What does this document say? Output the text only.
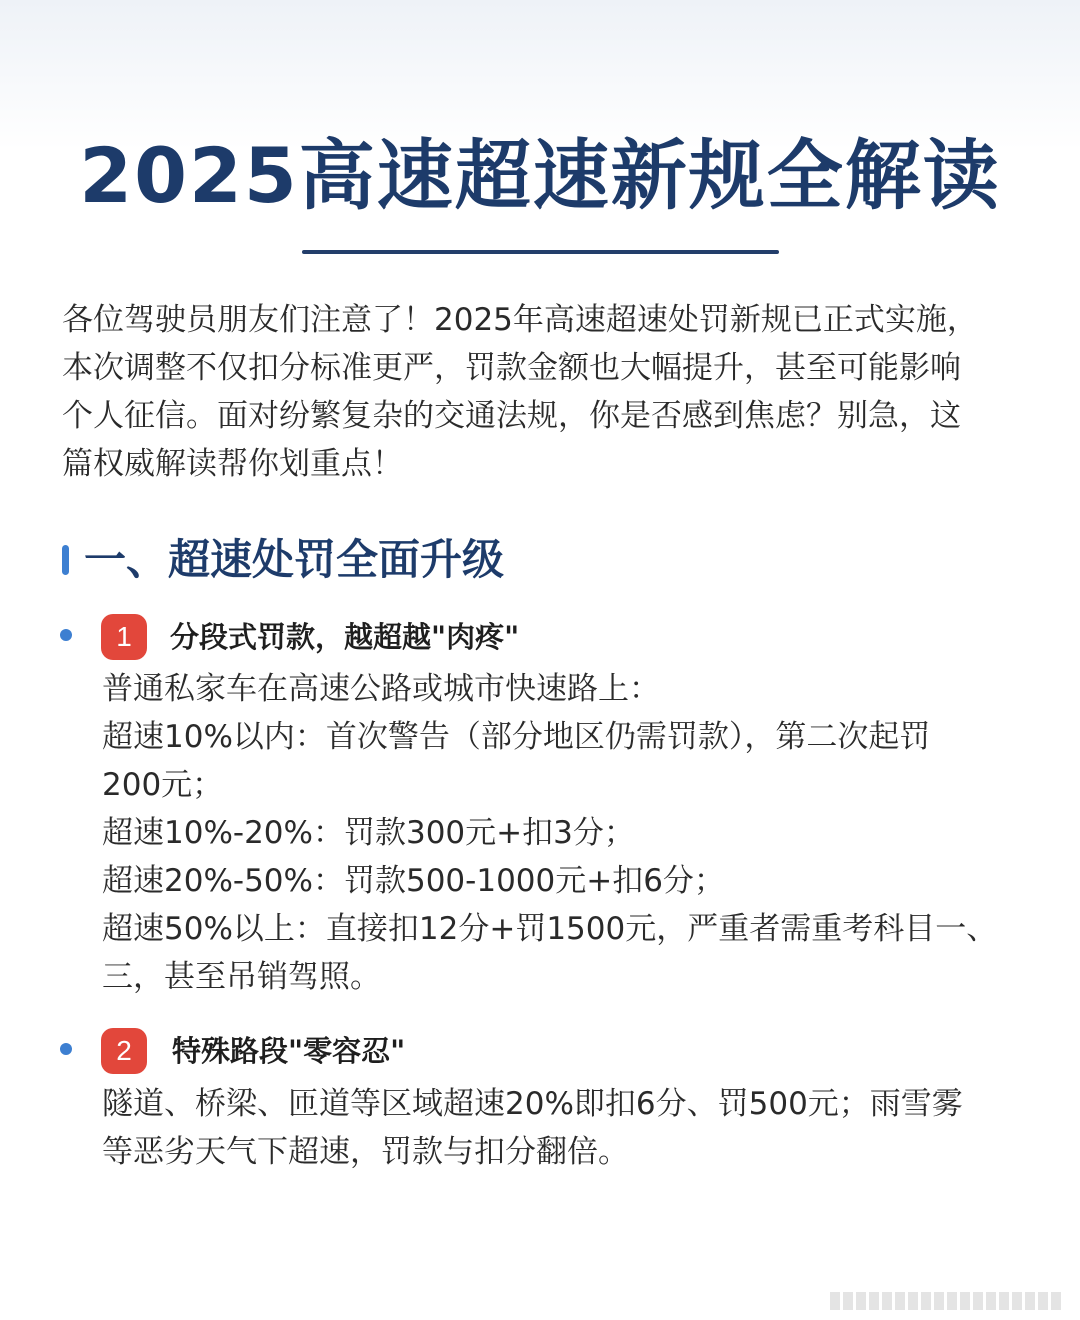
2025高速超速新规全解读
各位驾驶员朋友们注意了！2025年高速超速处罚新规已正式实施，
本次调整不仅扣分标准更严，罚款金额也大幅提升，甚至可能影响
个人征信。面对纷繁复杂的交通法规，你是否感到焦虑？别急，这
篇权威解读帮你划重点！
一、超速处罚全面升级
1	分段式罚款，越超越"肉疼"
普通私家车在高速公路或城市快速路上：
超速10%以内：首次警告（部分地区仍需罚款），第二次起罚
200元；
超速10%-20%：罚款300元+扣3分；
超速20%-50%：罚款500-1000元+扣6分；
超速50%以上：直接扣12分+罚1500元，严重者需重考科目一、
三，甚至吊销驾照。
2	特殊路段"零容忍"
隧道、桥梁、匝道等区域超速20%即扣6分、罚500元；雨雪雾
等恶劣天气下超速，罚款与扣分翻倍。
